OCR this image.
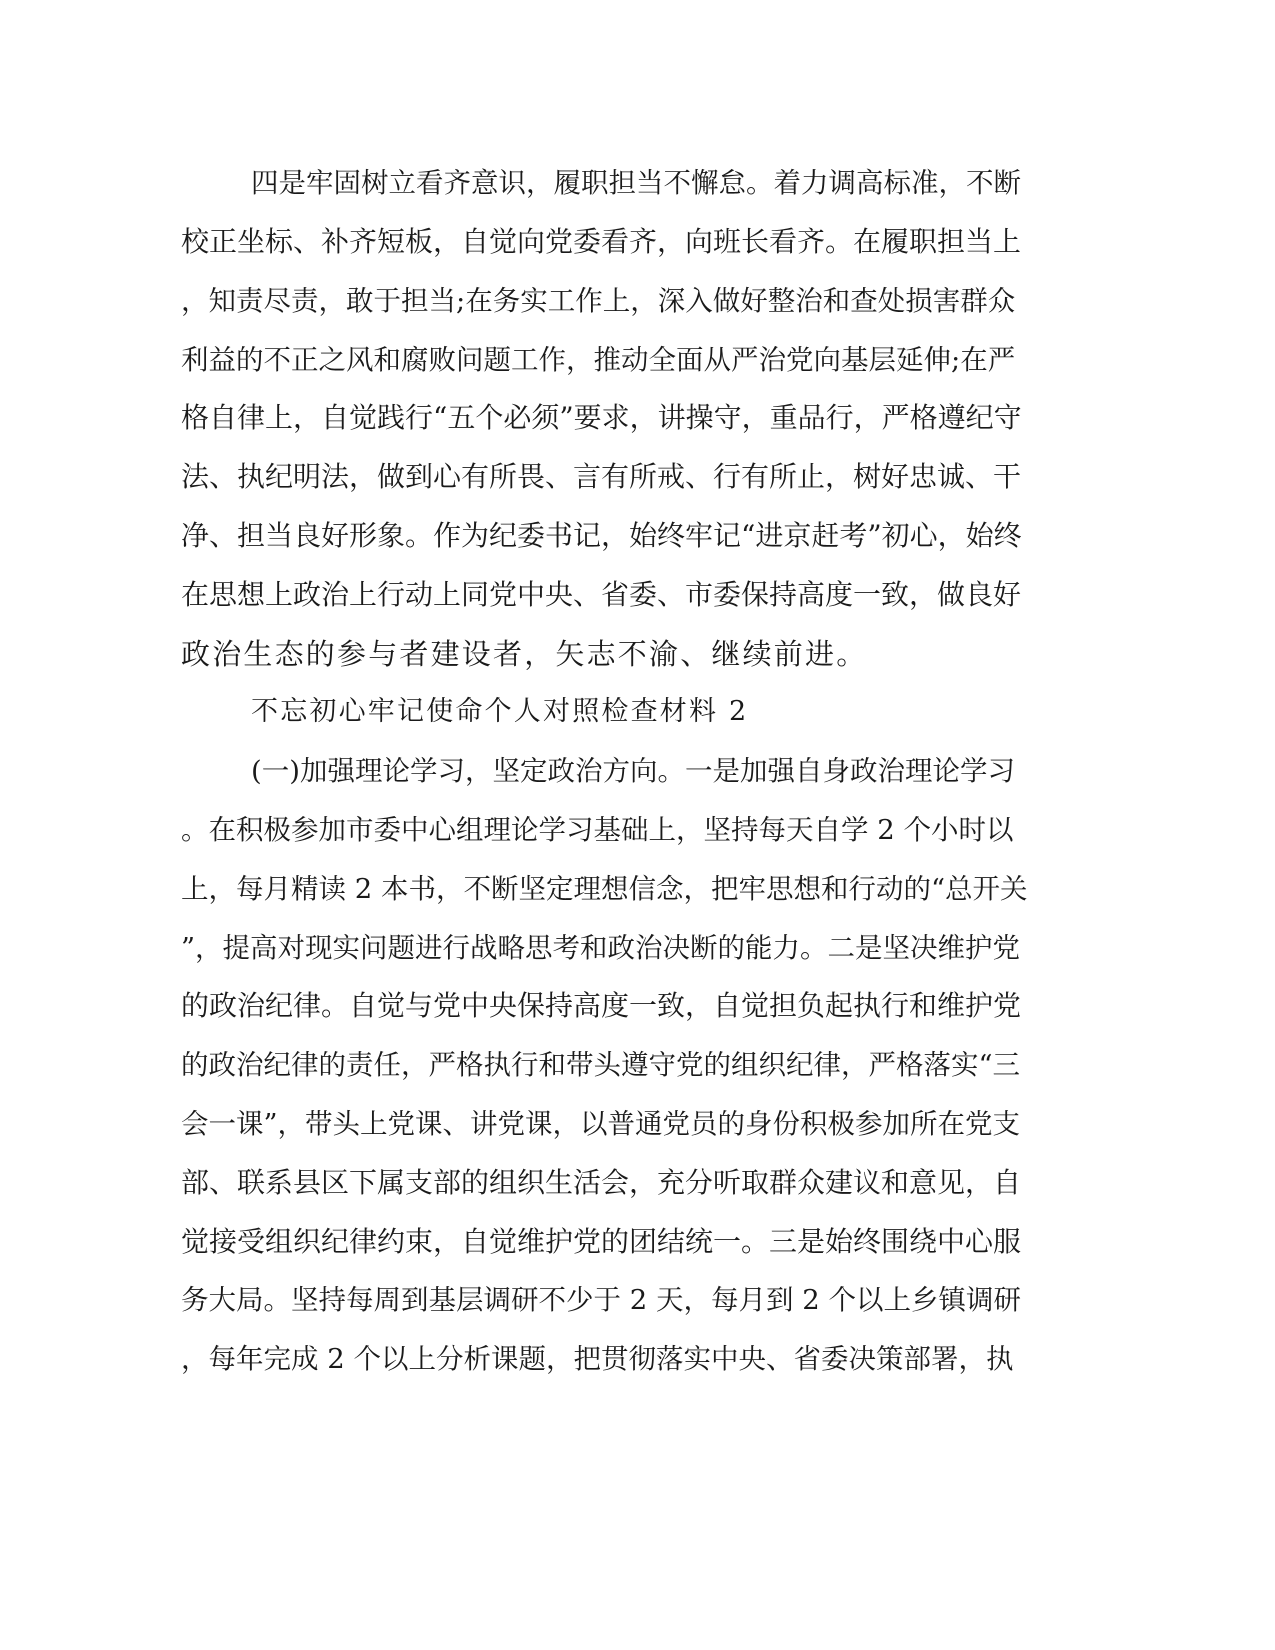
四是牢固树立看齐意识，履职担当不懈怠。着力调高标准，不断
校正坐标、补齐短板，自觉向党委看齐，向班长看齐。在履职担当上
，知责尽责，敢于担当;在务实工作上，深入做好整治和查处损害群众
利益的不正之风和腐败问题工作，推动全面从严治党向基层延伸;在严
格自律上，自觉践行“五个必须”要求，讲操守，重品行，严格遵纪守
法、执纪明法，做到心有所畏、言有所戒、行有所止，树好忠诚、干
净、担当良好形象。作为纪委书记，始终牢记“进京赶考”初心，始终
在思想上政治上行动上同党中央、省委、市委保持高度一致，做良好
政治生态的参与者建设者，矢志不渝、继续前进。
不忘初心牢记使命个人对照检查材料 2
(一)加强理论学习，坚定政治方向。一是加强自身政治理论学习
。在积极参加市委中心组理论学习基础上，坚持每天自学 2 个小时以
上，每月精读 2 本书，不断坚定理想信念，把牢思想和行动的“总开关
”，提高对现实问题进行战略思考和政治决断的能力。二是坚决维护党
的政治纪律。自觉与党中央保持高度一致，自觉担负起执行和维护党
的政治纪律的责任，严格执行和带头遵守党的组织纪律，严格落实“三
会一课”，带头上党课、讲党课，以普通党员的身份积极参加所在党支
部、联系县区下属支部的组织生活会，充分听取群众建议和意见，自
觉接受组织纪律约束，自觉维护党的团结统一。三是始终围绕中心服
务大局。坚持每周到基层调研不少于 2 天，每月到 2 个以上乡镇调研
，每年完成 2 个以上分析课题，把贯彻落实中央、省委决策部署，执
